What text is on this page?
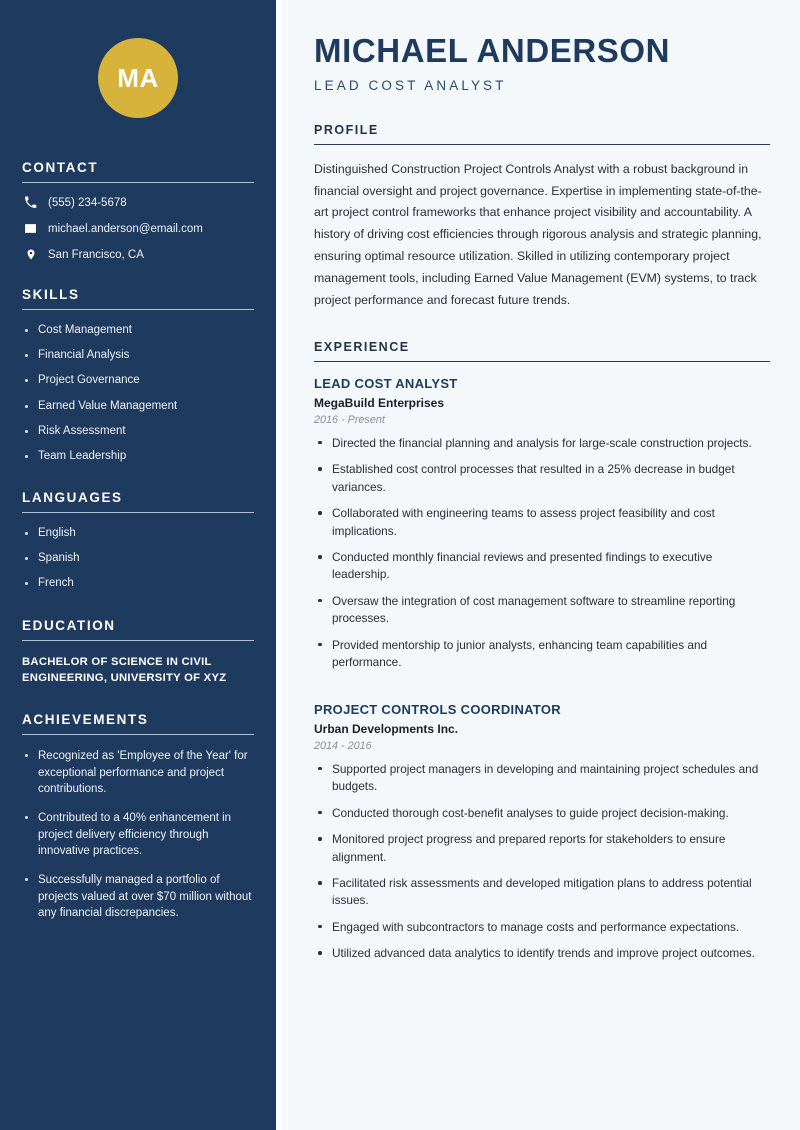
MA
CONTACT
(555) 234-5678
michael.anderson@email.com
San Francisco, CA
SKILLS
Cost Management
Financial Analysis
Project Governance
Earned Value Management
Risk Assessment
Team Leadership
LANGUAGES
English
Spanish
French
EDUCATION
BACHELOR OF SCIENCE IN CIVIL ENGINEERING, UNIVERSITY OF XYZ
ACHIEVEMENTS
Recognized as 'Employee of the Year' for exceptional performance and project contributions.
Contributed to a 40% enhancement in project delivery efficiency through innovative practices.
Successfully managed a portfolio of projects valued at over $70 million without any financial discrepancies.
MICHAEL ANDERSON
LEAD COST ANALYST
PROFILE

Distinguished Construction Project Controls Analyst with a robust background in financial oversight and project governance. Expertise in implementing state-of-the-art project control frameworks that enhance project visibility and accountability. A history of driving cost efficiencies through rigorous analysis and strategic planning, ensuring optimal resource utilization. Skilled in utilizing contemporary project management tools, including Earned Value Management (EVM) systems, to track project performance and forecast future trends.

EXPERIENCE
LEAD COST ANALYST
MegaBuild Enterprises
2016 - Present
Directed the financial planning and analysis for large-scale construction projects.
Established cost control processes that resulted in a 25% decrease in budget variances.
Collaborated with engineering teams to assess project feasibility and cost implications.
Conducted monthly financial reviews and presented findings to executive leadership.
Oversaw the integration of cost management software to streamline reporting processes.
Provided mentorship to junior analysts, enhancing team capabilities and performance.
PROJECT CONTROLS COORDINATOR
Urban Developments Inc.
2014 - 2016
Supported project managers in developing and maintaining project schedules and budgets.
Conducted thorough cost-benefit analyses to guide project decision-making.
Monitored project progress and prepared reports for stakeholders to ensure alignment.
Facilitated risk assessments and developed mitigation plans to address potential issues.
Engaged with subcontractors to manage costs and performance expectations.
Utilized advanced data analytics to identify trends and improve project outcomes.
